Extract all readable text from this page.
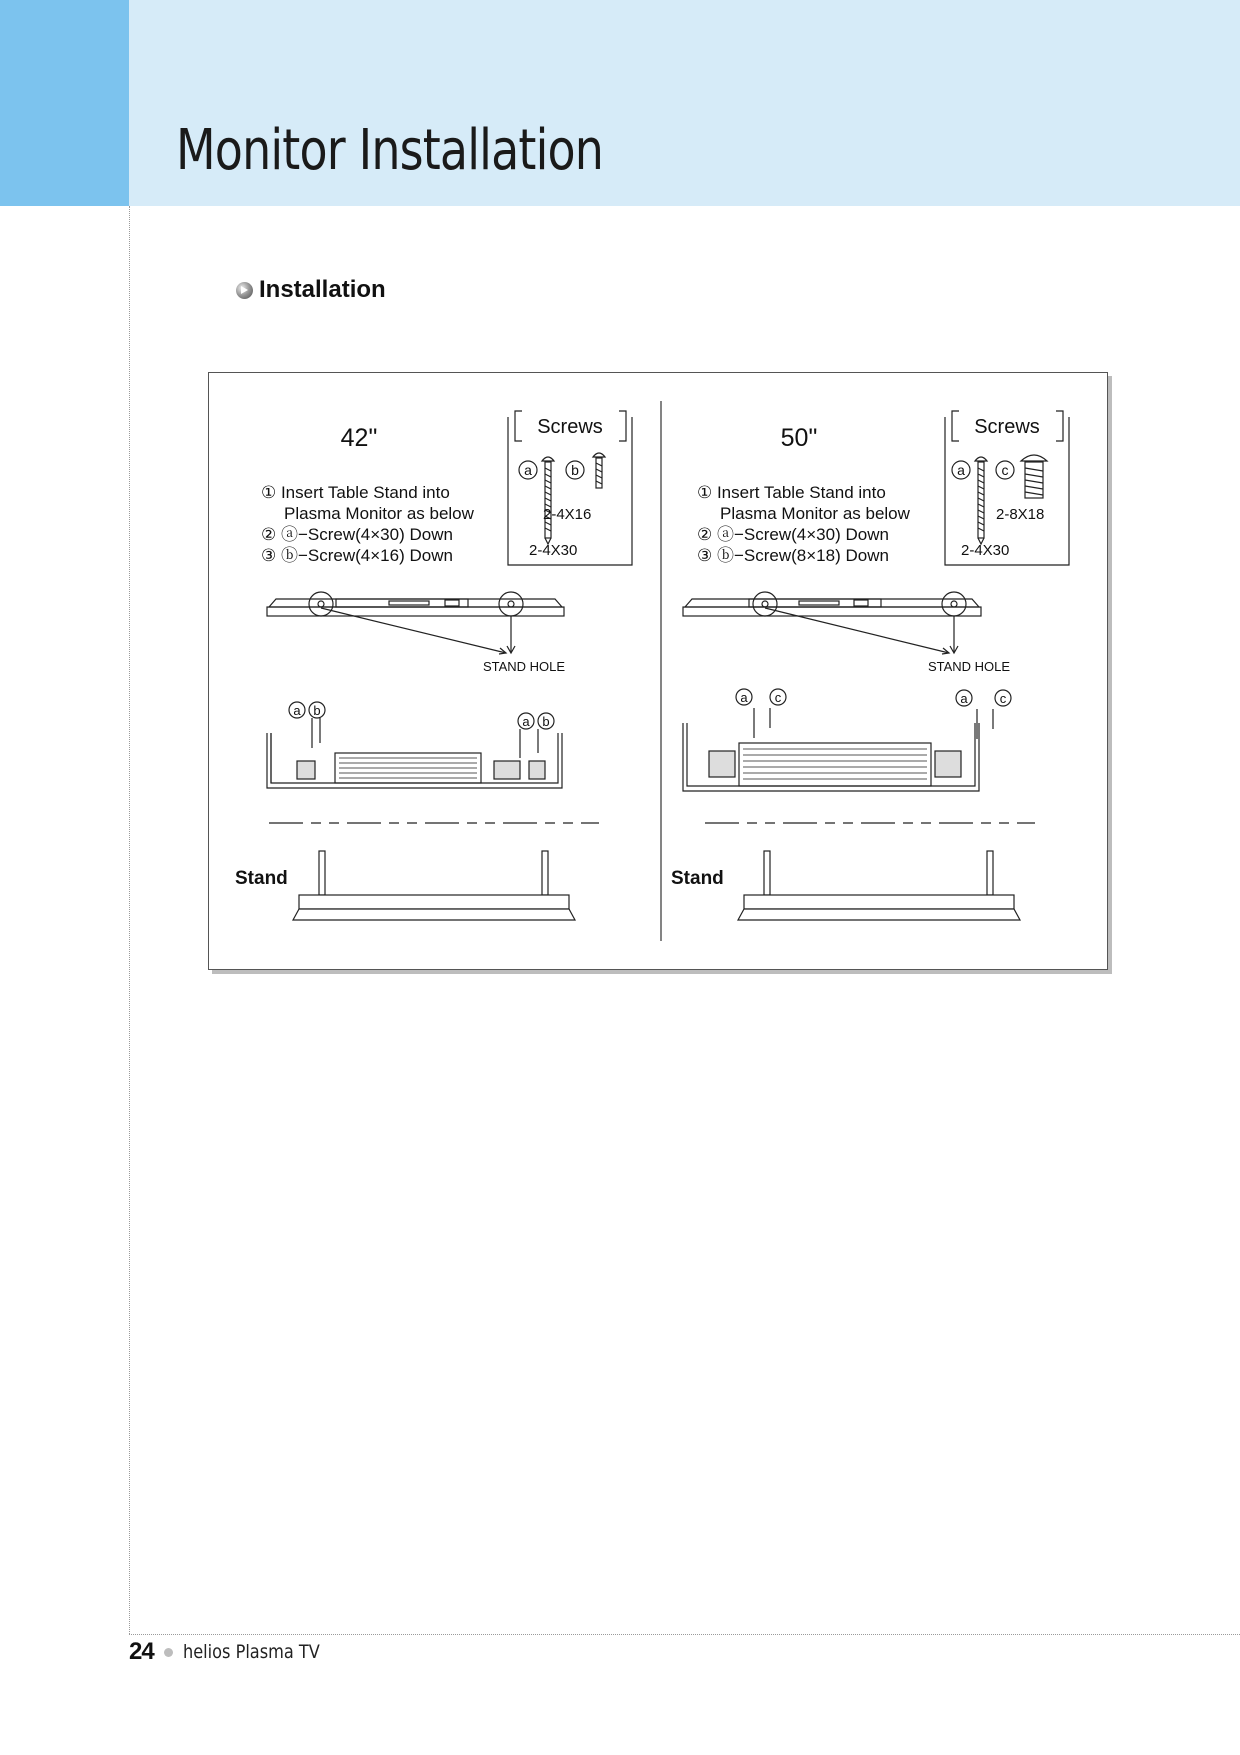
Monitor Installation
Installation
42"	Screws
a	b
2-4X16
2-4X30
① Insert Table Stand into
Plasma Monitor as below
② ⓐ−Screw(4×30) Down
③ ⓑ−Screw(4×16) Down
STAND HOLE
a b
a b
Stand
50"	Screws
a	c
2-8X18
2-4X30
① Insert Table Stand into
Plasma Monitor as below
② ⓐ−Screw(4×30) Down
③ ⓑ−Screw(8×18) Down
STAND HOLE
a c	a c
Stand
24 helios Plasma TV
